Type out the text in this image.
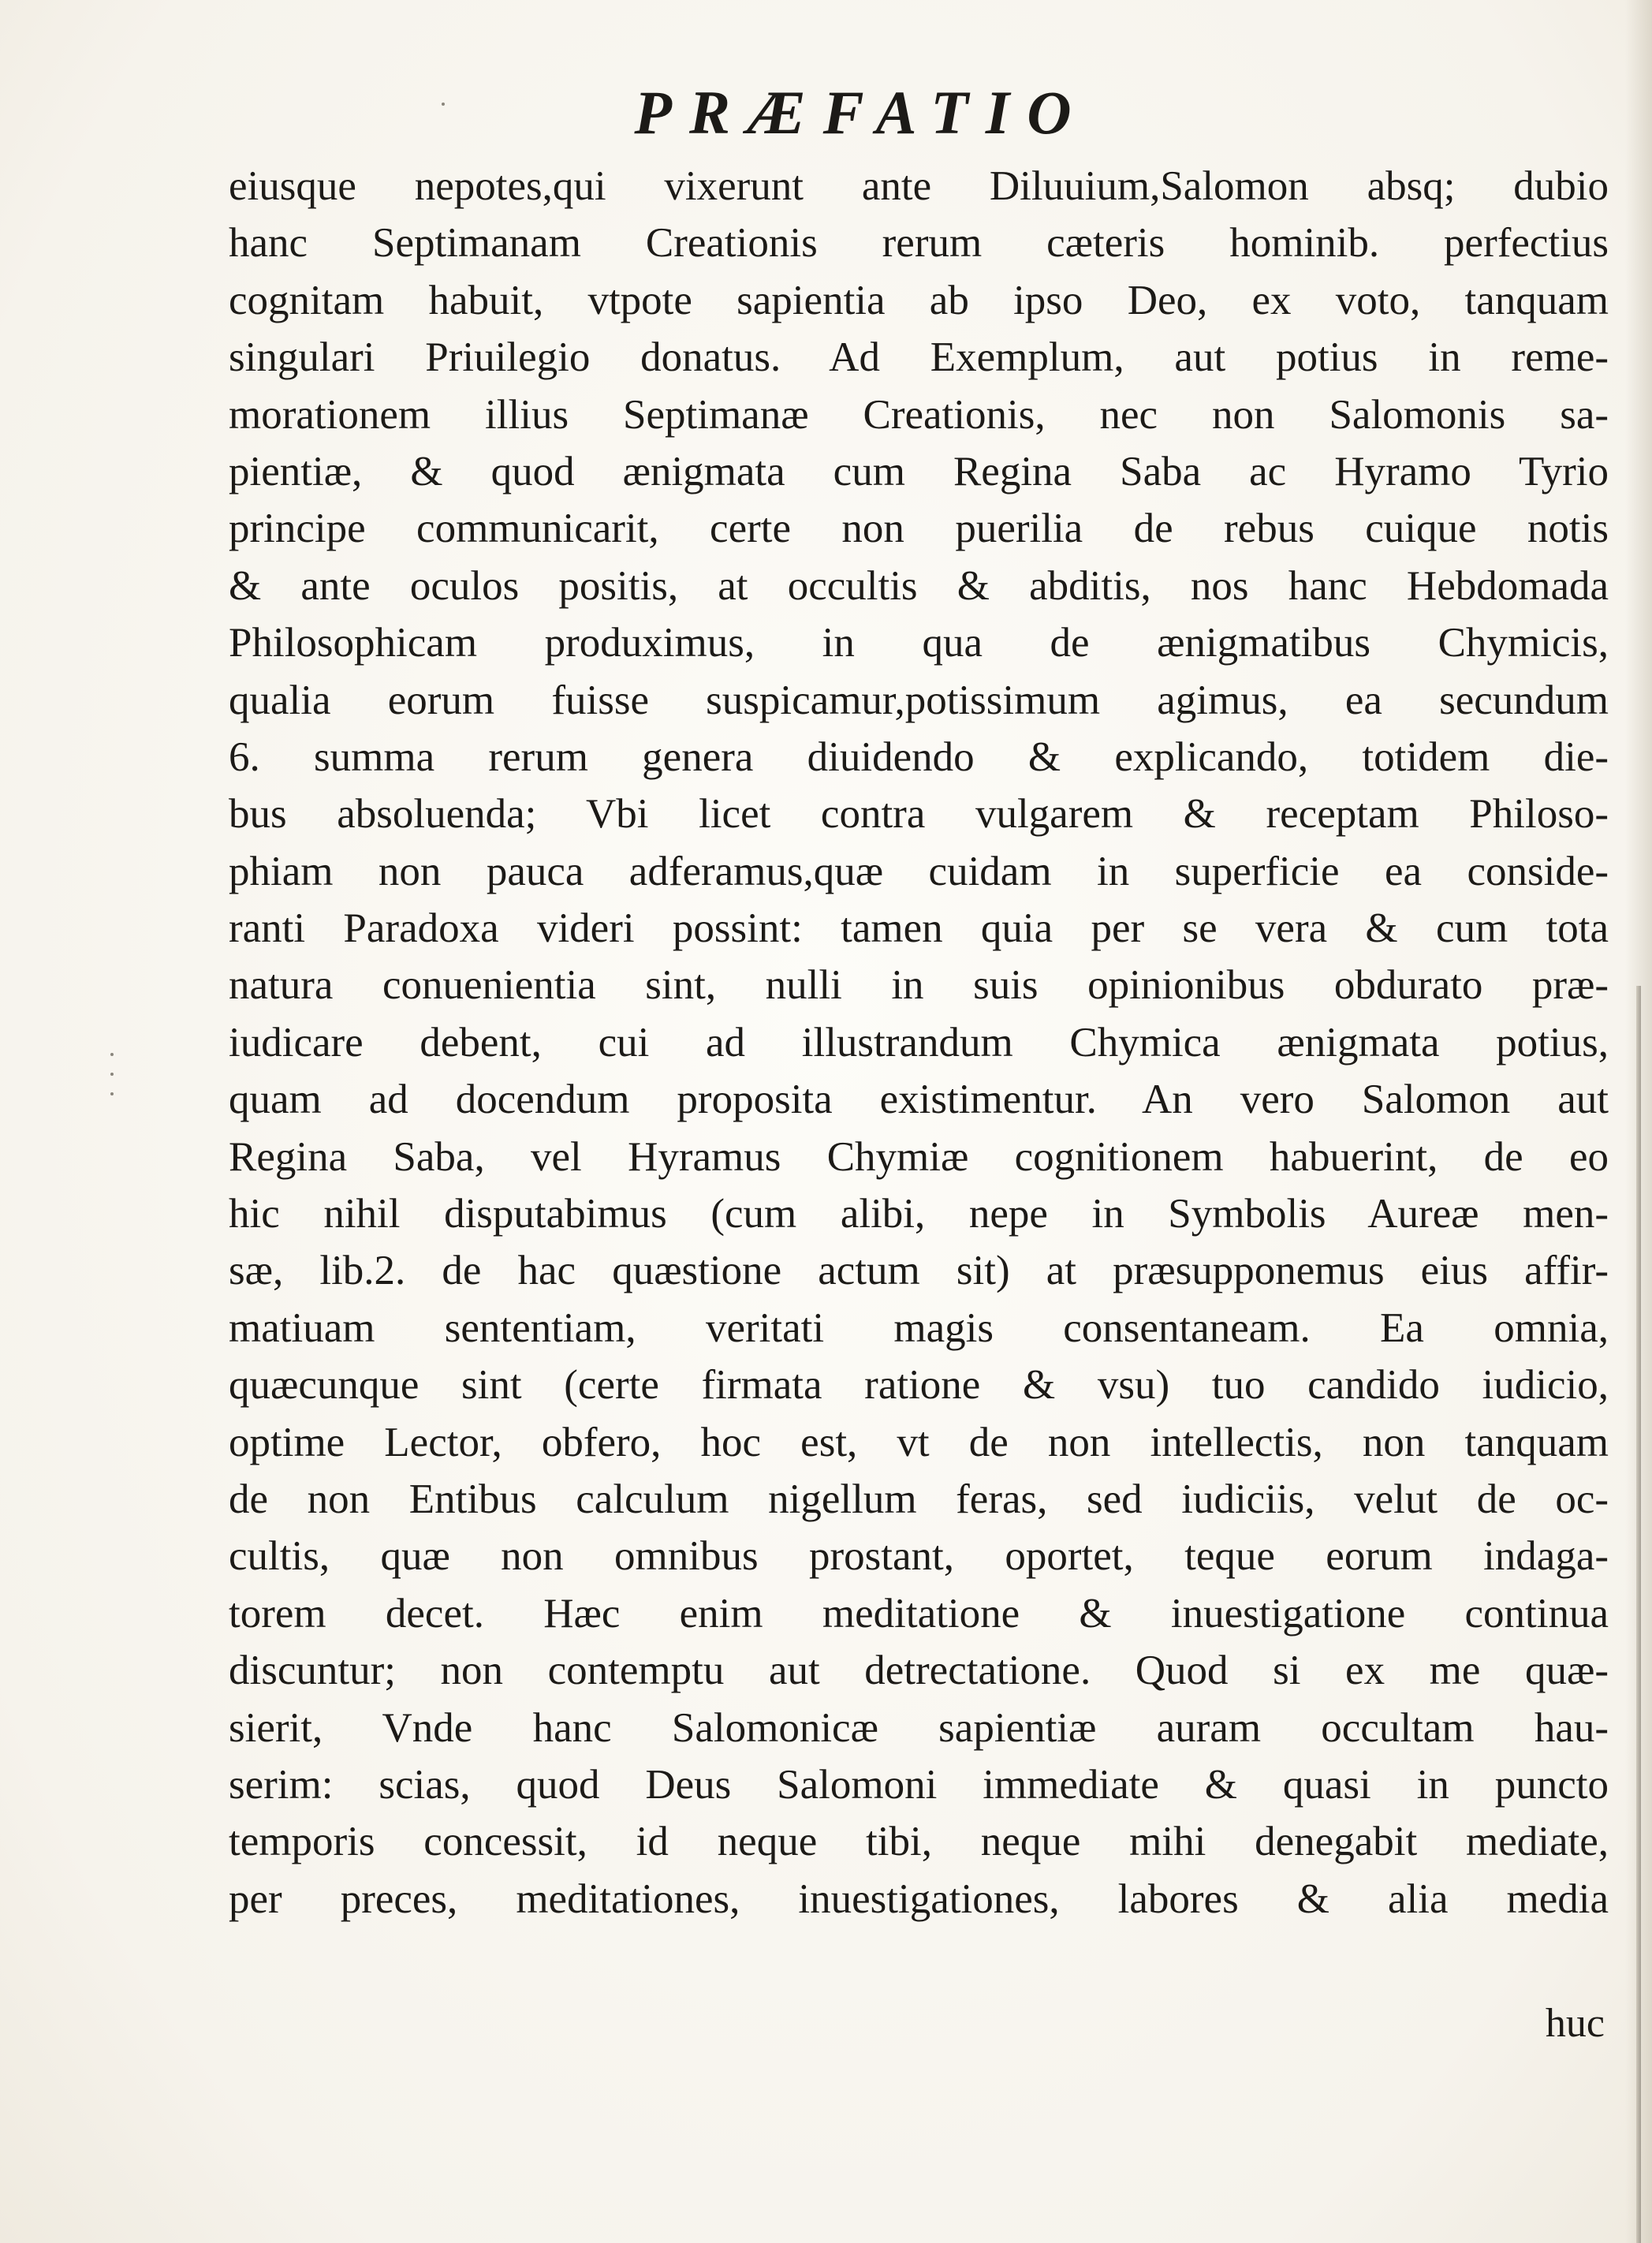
PRÆFATIO
eiusque nepotes,qui vixerunt ante Diluuium,Salomon absq; dubio
hanc Septimanam Creationis rerum cæteris hominib. perfectius
cognitam habuit, vtpote sapientia ab ipso Deo, ex voto, tanquam
singulari Priuilegio donatus. Ad Exemplum, aut potius in reme-
morationem illius Septimanæ Creationis, nec non Salomonis sa-
pientiæ, & quod ænigmata cum Regina Saba ac Hyramo Tyrio
principe communicarit, certe non puerilia de rebus cuique notis
& ante oculos positis, at occultis & abditis, nos hanc Hebdomada
Philosophicam produximus, in qua de ænigmatibus Chymicis,
qualia eorum fuisse suspicamur,potissimum agimus, ea secundum
6. summa rerum genera diuidendo & explicando, totidem die-
bus absoluenda; Vbi licet contra vulgarem & receptam Philoso-
phiam non pauca adferamus,quæ cuidam in superficie ea conside-
ranti Paradoxa videri possint: tamen quia per se vera & cum tota
natura conuenientia sint, nulli in suis opinionibus obdurato præ-
iudicare debent, cui ad illustrandum Chymica ænigmata potius,
quam ad docendum proposita existimentur. An vero Salomon aut
Regina Saba, vel Hyramus Chymiæ cognitionem habuerint, de eo
hic nihil disputabimus (cum alibi, nepe in Symbolis Aureæ men-
sæ, lib.2. de hac quæstione actum sit) at præsupponemus eius affir-
matiuam sententiam, veritati magis consentaneam. Ea omnia,
quæcunque sint (certe firmata ratione & vsu) tuo candido iudicio,
optime Lector, obfero, hoc est, vt de non intellectis, non tanquam
de non Entibus calculum nigellum feras, sed iudiciis, velut de oc-
cultis, quæ non omnibus prostant, oportet, teque eorum indaga-
torem decet. Hæc enim meditatione & inuestigatione continua
discuntur; non contemptu aut detrectatione. Quod si ex me quæ-
sierit, Vnde hanc Salomonicæ sapientiæ auram occultam hau-
serim: scias, quod Deus Salomoni immediate & quasi in puncto
temporis concessit, id neque tibi, neque mihi denegabit mediate,
per preces, meditationes, inuestigationes, labores & alia media
huc
